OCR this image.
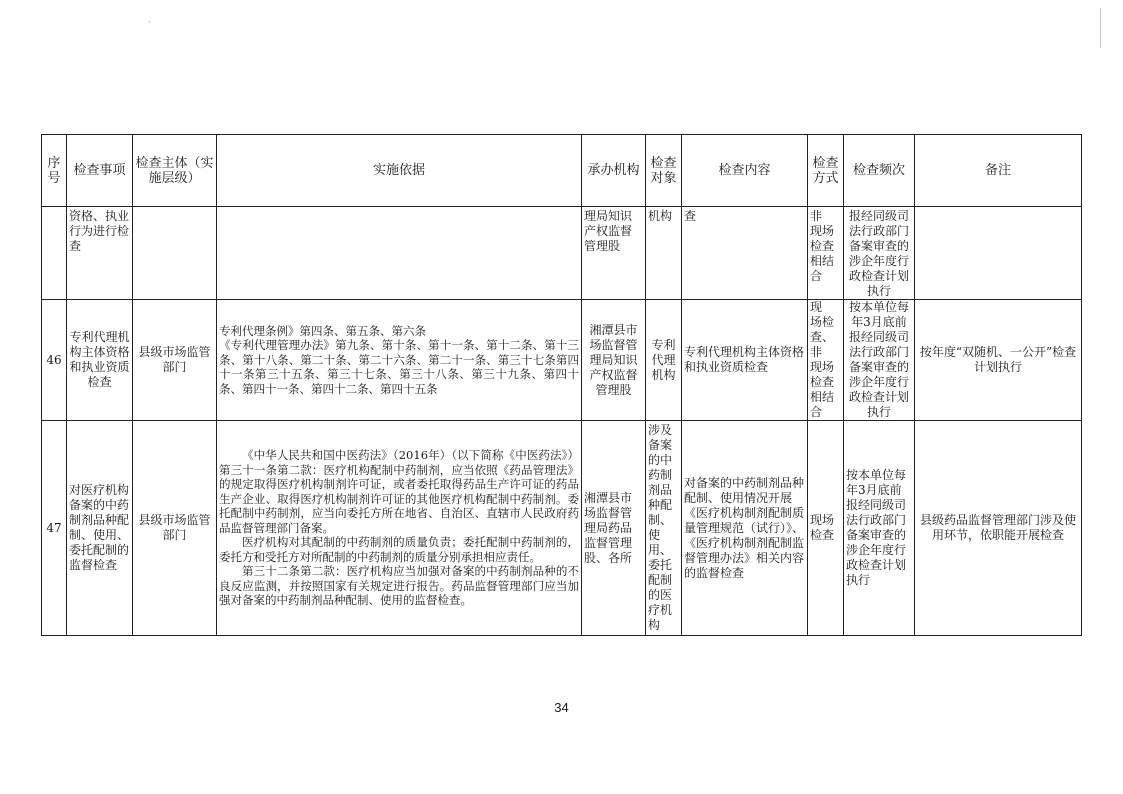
·
序号	检查事项	检查主体（实施层级）	实施依据	承办机构	检查对象	检查内容	检查方式	检查频次	备注
	资格、执业行为进行检查			理局知识产权监督管理股	机构	查	非　现场　检查　相结合	报经同级司法行政部门备案审查的涉企年度行政检查计划执行	
46	专利代理机构主体资格和执业资质检查	县级市场监管部门	专利代理条例》第四条、第五条、第六条

《专利代理管理办法》第九条、第十条、第十一条、第十二条、第十三条、第十八条、第二十条、第二十六条、第二十一条、第三十七条第四十一条第三十五条、第三十七条、第三十八条、第三十九条、第四十条、第四十一条、第四十二条、第四十五条	湘潭县市场监督管理局知识产权监督管理股	专利代理机构	专利代理机构主体资格和执业资质检查	现　场检查、非　现场　检查　相结合	按本单位每年3月底前报经同级司法行政部门备案审查的涉企年度行政检查计划执行	按年度“双随机、一公开”检查计划执行
47	对医疗机构备案的中药制剂品种配制、使用、委托配制的监督检查	县级市场监管部门	《中华人民共和国中医药法》（2016年）（以下简称《中医药法》）第三十一条第二款：医疗机构配制中药制剂，应当依照《药品管理法》的规定取得医疗机构制剂许可证，或者委托取得药品生产许可证的药品生产企业、取得医疗机构制剂许可证的其他医疗机构配制中药制剂。委托配制中药制剂，应当向委托方所在地省、自治区、直辖市人民政府药品监督管理部门备案。

医疗机构对其配制的中药制剂的质量负责；委托配制中药制剂的，委托方和受托方对所配制的中药制剂的质量分别承担相应责任。

第三十二条第二款：医疗机构应当加强对备案的中药制剂品种的不良反应监测，并按照国家有关规定进行报告。药品监督管理部门应当加强对备案的中药制剂品种配制、使用的监督检查。	湘潭县市场监督管理局药品监督管理股、各所	涉及备案的中药制剂品种配制、使用、委托配制的医疗机构	对备案的中药制剂品种配制、使用情况开展《医疗机构制剂配制质量管理规范（试行）》、《医疗机构制剂配制监督管理办法》相关内容的监督检查	现场检查	按本单位每年3月底前报经同级司法行政部门备案审查的涉企年度行政检查计划执行	县级药品监督管理部门涉及使用环节，依职能开展检查
34
